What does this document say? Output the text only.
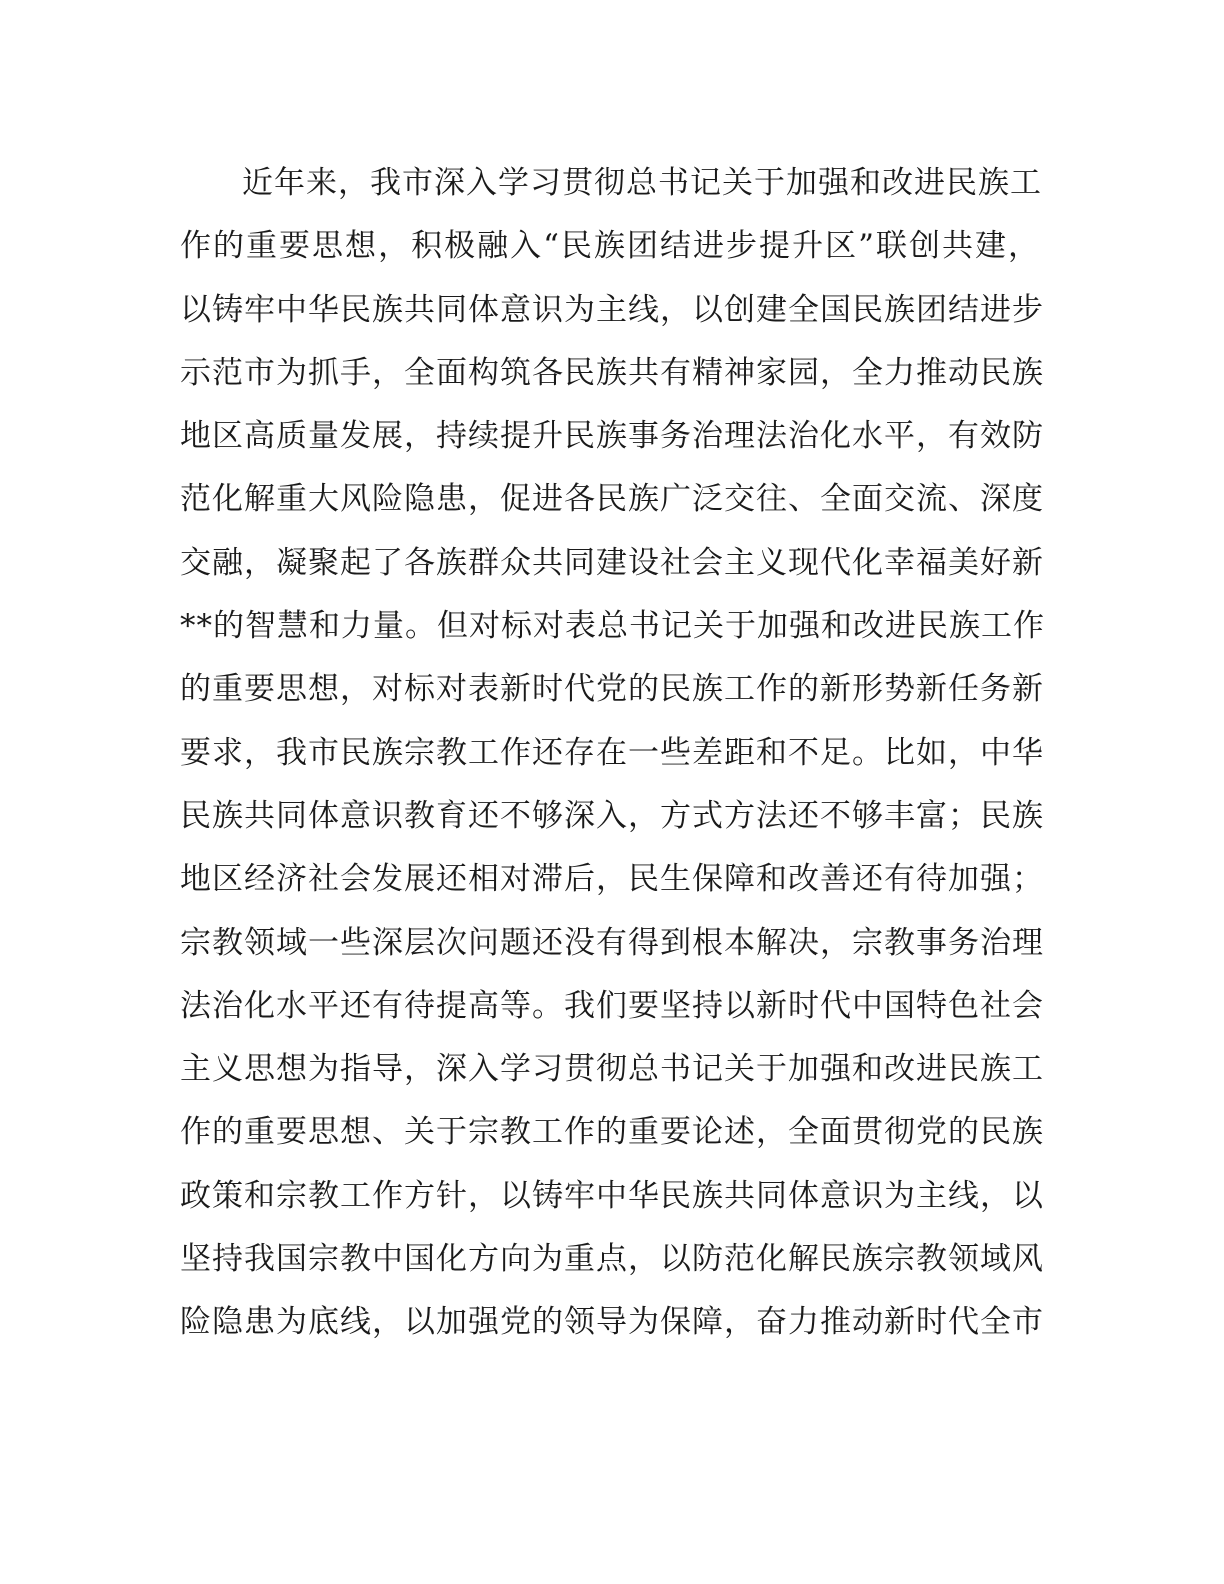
近年来，我市深入学习贯彻总书记关于加强和改进民族工
作的重要思想，积极融入“民族团结进步提升区”联创共建，
以铸牢中华民族共同体意识为主线，以创建全国民族团结进步
示范市为抓手，全面构筑各民族共有精神家园，全力推动民族
地区高质量发展，持续提升民族事务治理法治化水平，有效防
范化解重大风险隐患，促进各民族广泛交往、全面交流、深度
交融，凝聚起了各族群众共同建设社会主义现代化幸福美好新
**的智慧和力量。但对标对表总书记关于加强和改进民族工作
的重要思想，对标对表新时代党的民族工作的新形势新任务新
要求，我市民族宗教工作还存在一些差距和不足。比如，中华
民族共同体意识教育还不够深入，方式方法还不够丰富；民族
地区经济社会发展还相对滞后，民生保障和改善还有待加强；
宗教领域一些深层次问题还没有得到根本解决，宗教事务治理
法治化水平还有待提高等。我们要坚持以新时代中国特色社会
主义思想为指导，深入学习贯彻总书记关于加强和改进民族工
作的重要思想、关于宗教工作的重要论述，全面贯彻党的民族
政策和宗教工作方针，以铸牢中华民族共同体意识为主线，以
坚持我国宗教中国化方向为重点，以防范化解民族宗教领域风
险隐患为底线，以加强党的领导为保障，奋力推动新时代全市
